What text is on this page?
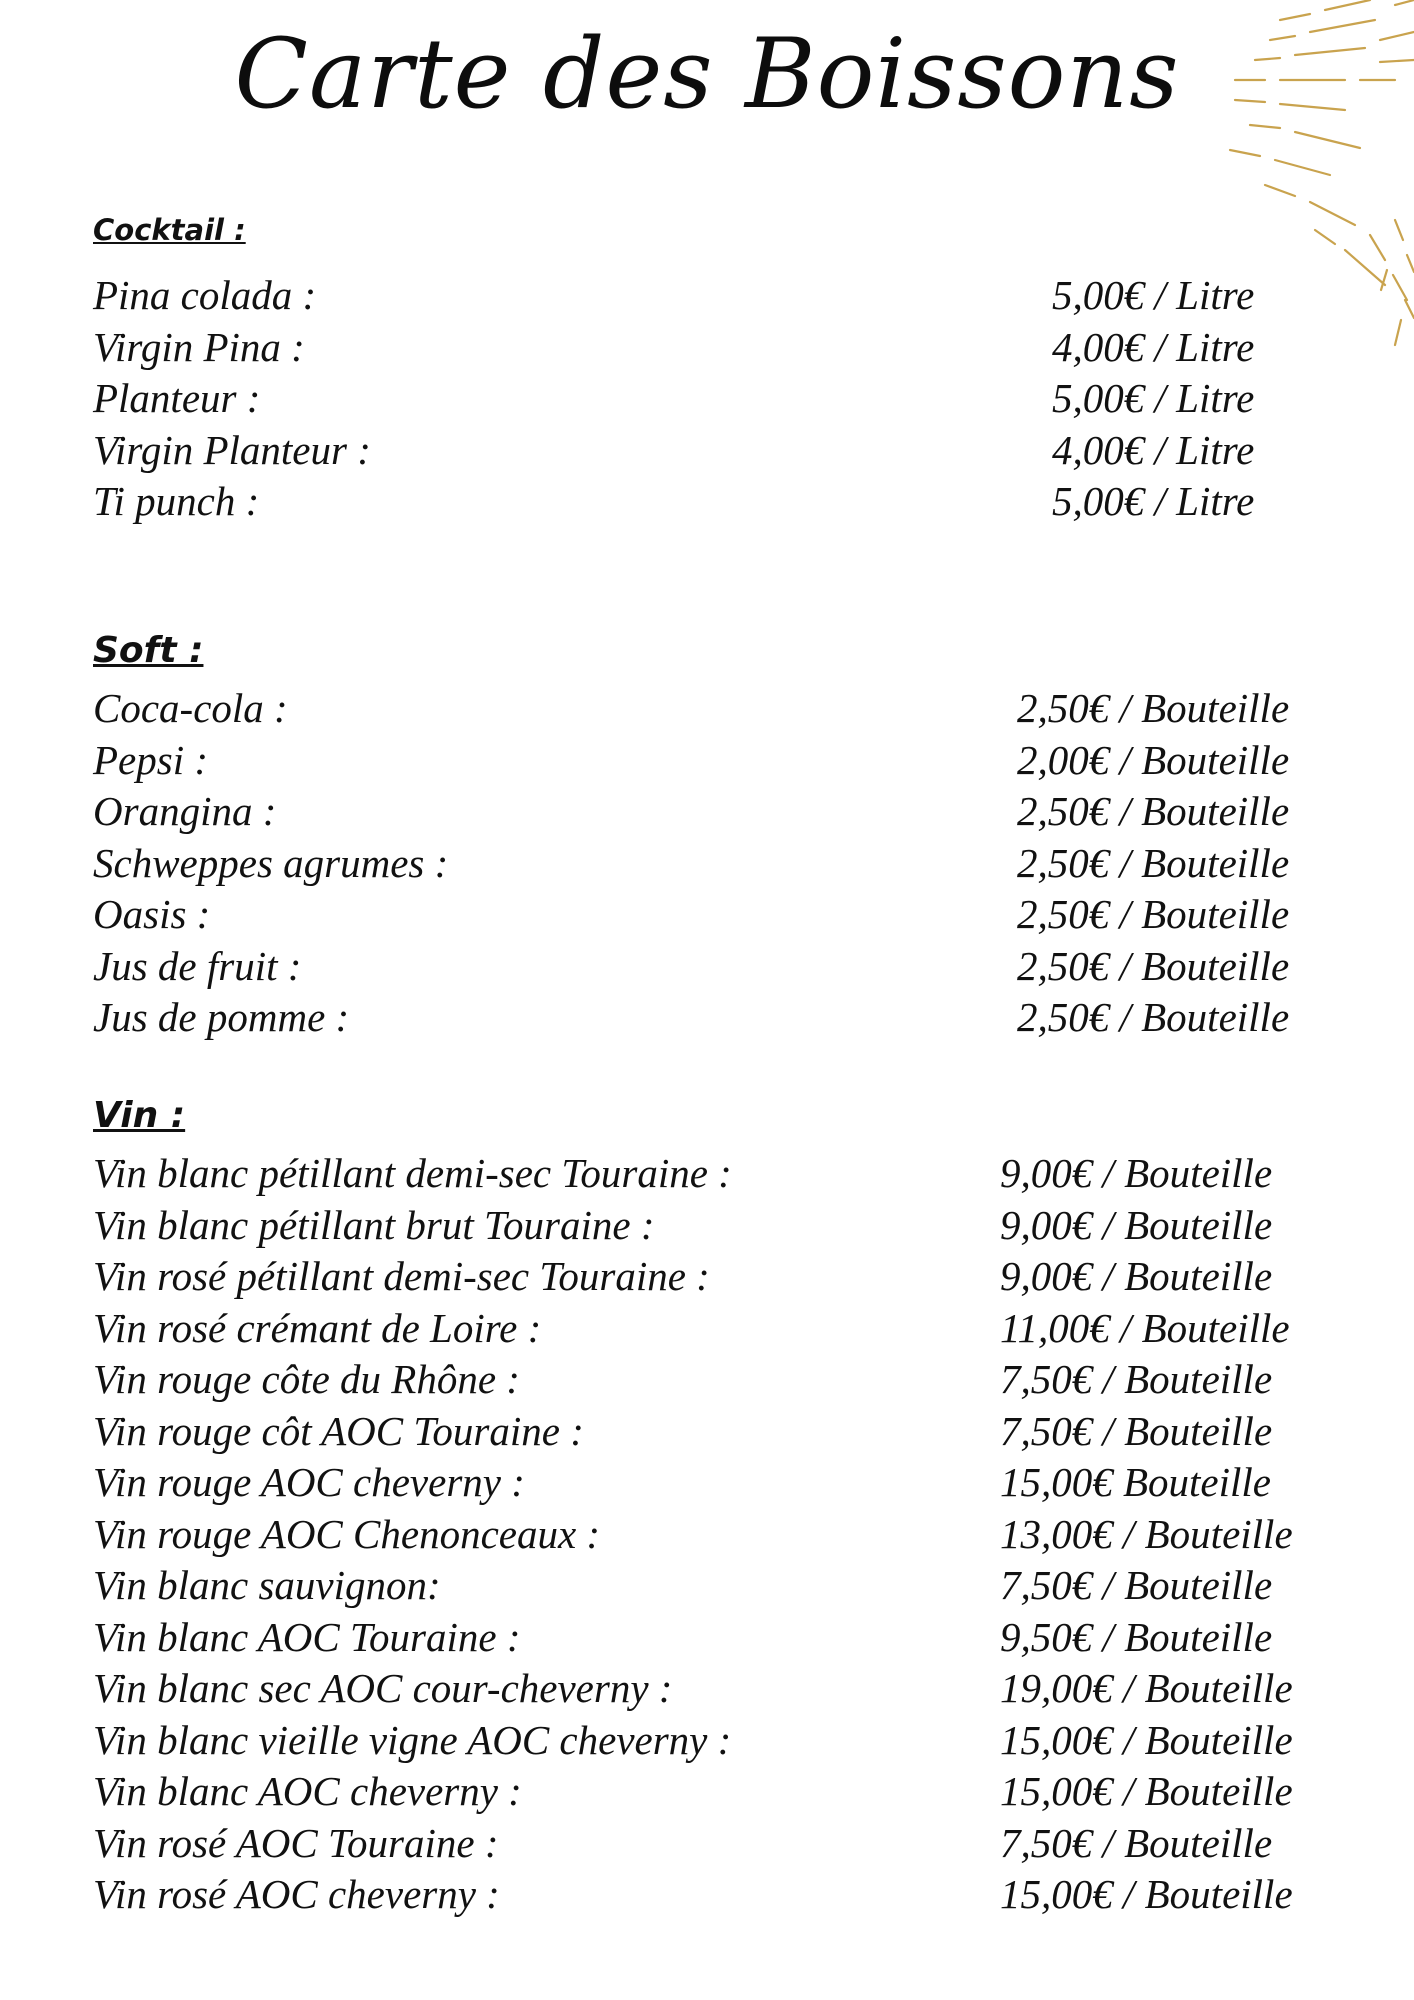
Carte des Boissons
Cocktail :
Pina colada :	5,00€ / Litre
Virgin Pina :	4,00€ / Litre
Planteur :	5,00€ / Litre
Virgin Planteur :	4,00€ / Litre
Ti punch :	5,00€ / Litre
Soft :
Coca-cola :	2,50€ / Bouteille
Pepsi :	2,00€ / Bouteille
Orangina :	2,50€ / Bouteille
Schweppes agrumes :	2,50€ / Bouteille
Oasis :	2,50€ / Bouteille
Jus de fruit :	2,50€ / Bouteille
Jus de pomme :	2,50€ / Bouteille
Vin :
Vin blanc pétillant demi-sec Touraine :	9,00€ / Bouteille
Vin blanc pétillant brut Touraine :	9,00€ / Bouteille
Vin rosé pétillant demi-sec Touraine :	9,00€ / Bouteille
Vin rosé crémant de Loire :	11,00€ / Bouteille
Vin rouge côte du Rhône :	7,50€ / Bouteille
Vin rouge côt AOC Touraine :	7,50€ / Bouteille
Vin rouge AOC cheverny :	15,00€ Bouteille
Vin rouge AOC Chenonceaux :	13,00€ / Bouteille
Vin blanc sauvignon:	7,50€ / Bouteille
Vin blanc AOC Touraine :	9,50€ / Bouteille
Vin blanc sec AOC cour-cheverny :	19,00€ / Bouteille
Vin blanc vieille vigne AOC cheverny :	15,00€ / Bouteille
Vin blanc AOC cheverny :	15,00€ / Bouteille
Vin rosé AOC Touraine :	7,50€ / Bouteille
Vin rosé AOC cheverny :	15,00€ / Bouteille
